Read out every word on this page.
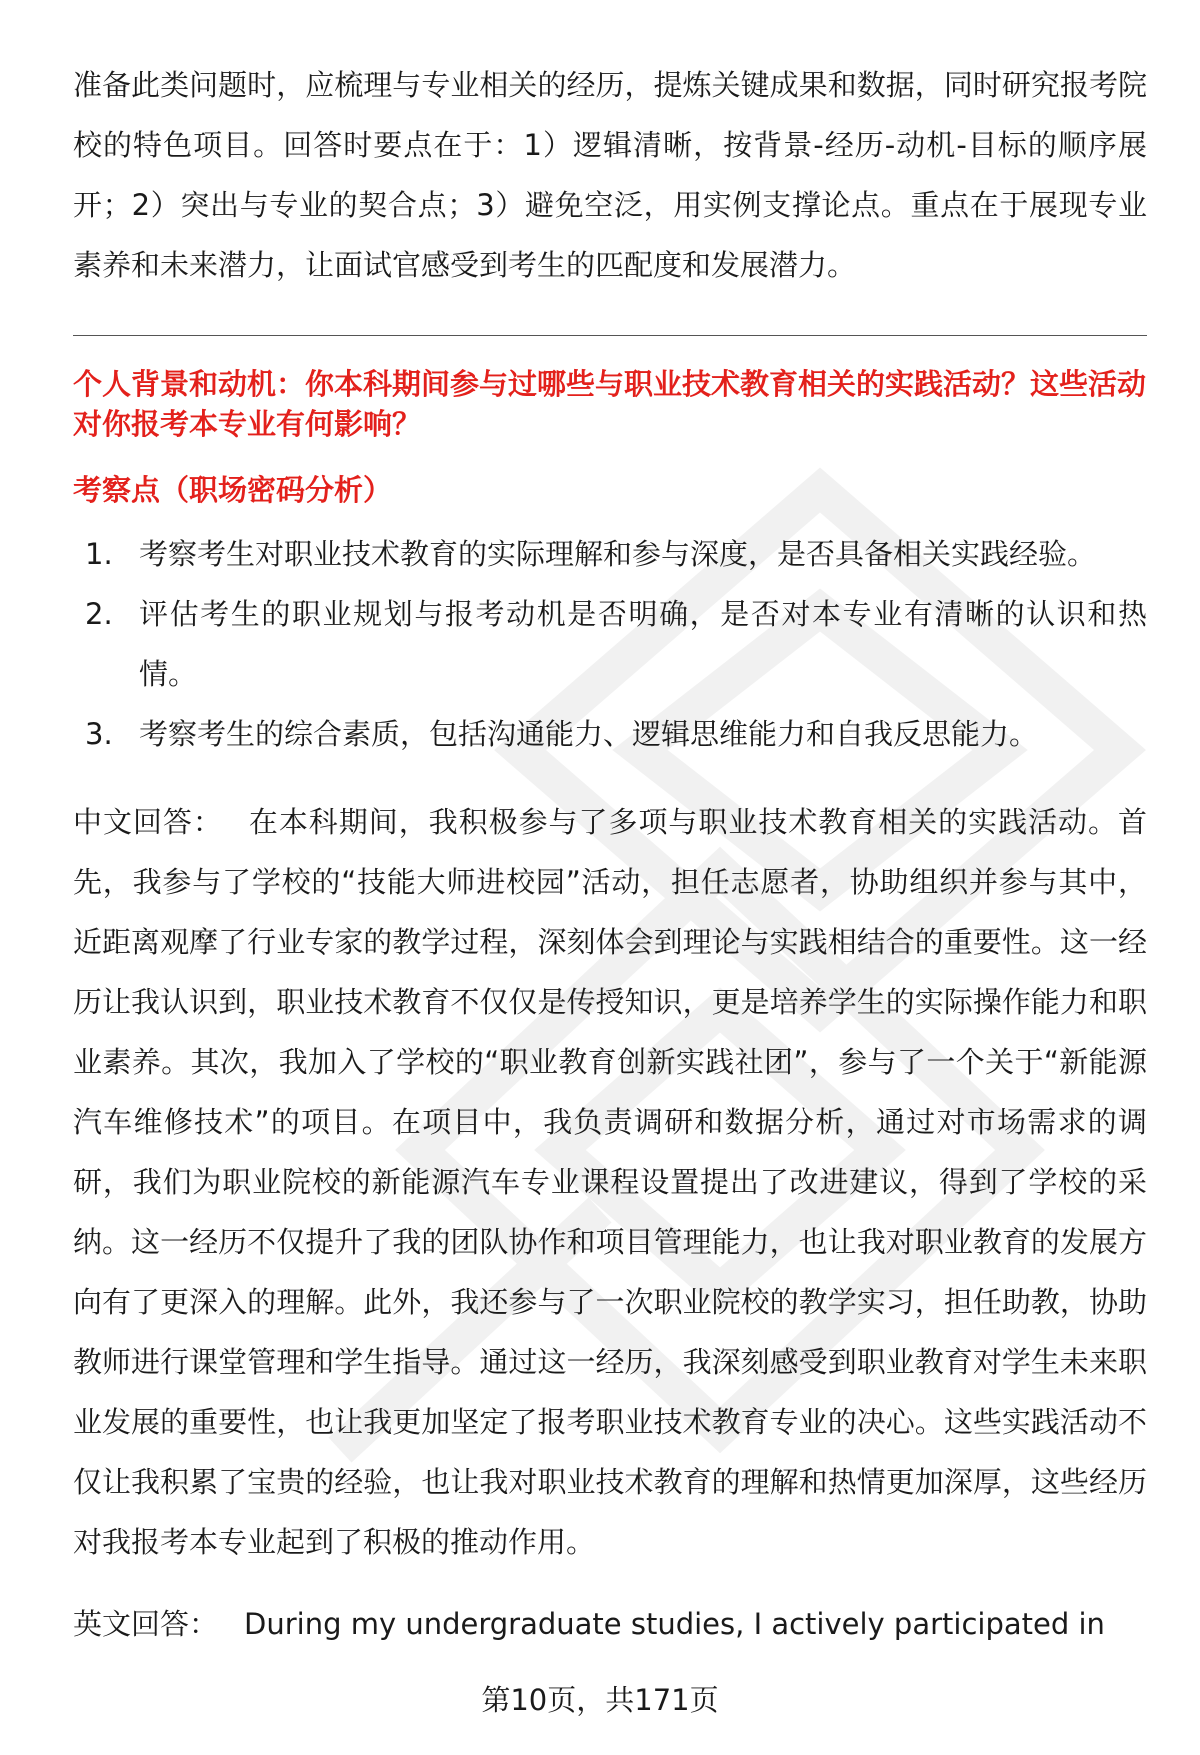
准备此类问题时，应梳理与专业相关的经历，提炼关键成果和数据，同时研究报考院校的特色项目。回答时要点在于：1）逻辑清晰，按背景-经历-动机-目标的顺序展开；2）突出与专业的契合点；3）避免空泛，用实例支撑论点。重点在于展现专业素养和未来潜力，让面试官感受到考生的匹配度和发展潜力。

个人背景和动机：你本科期间参与过哪些与职业技术教育相关的实践活动？这些活动对你报考本专业有何影响？

考察点（职场密码分析）

1. 考察考生对职业技术教育的实际理解和参与深度，是否具备相关实践经验。
2. 评估考生的职业规划与报考动机是否明确，是否对本专业有清晰的认识和热情。
3. 考察考生的综合素质，包括沟通能力、逻辑思维能力和自我反思能力。

中文回答： 在本科期间，我积极参与了多项与职业技术教育相关的实践活动。首先，我参与了学校的“技能大师进校园”活动，担任志愿者，协助组织并参与其中，近距离观摩了行业专家的教学过程，深刻体会到理论与实践相结合的重要性。这一经历让我认识到，职业技术教育不仅仅是传授知识，更是培养学生的实际操作能力和职业素养。其次，我加入了学校的“职业教育创新实践社团”，参与了一个关于“新能源汽车维修技术”的项目。在项目中，我负责调研和数据分析，通过对市场需求的调研，我们为职业院校的新能源汽车专业课程设置提出了改进建议，得到了学校的采纳。这一经历不仅提升了我的团队协作和项目管理能力，也让我对职业教育的发展方向有了更深入的理解。此外，我还参与了一次职业院校的教学实习，担任助教，协助教师进行课堂管理和学生指导。通过这一经历，我深刻感受到职业教育对学生未来职业发展的重要性，也让我更加坚定了报考职业技术教育专业的决心。这些实践活动不仅让我积累了宝贵的经验，也让我对职业技术教育的理解和热情更加深厚，这些经历对我报考本专业起到了积极的推动作用。

英文回答： During my undergraduate studies, I actively participated in

第10页，共171页
